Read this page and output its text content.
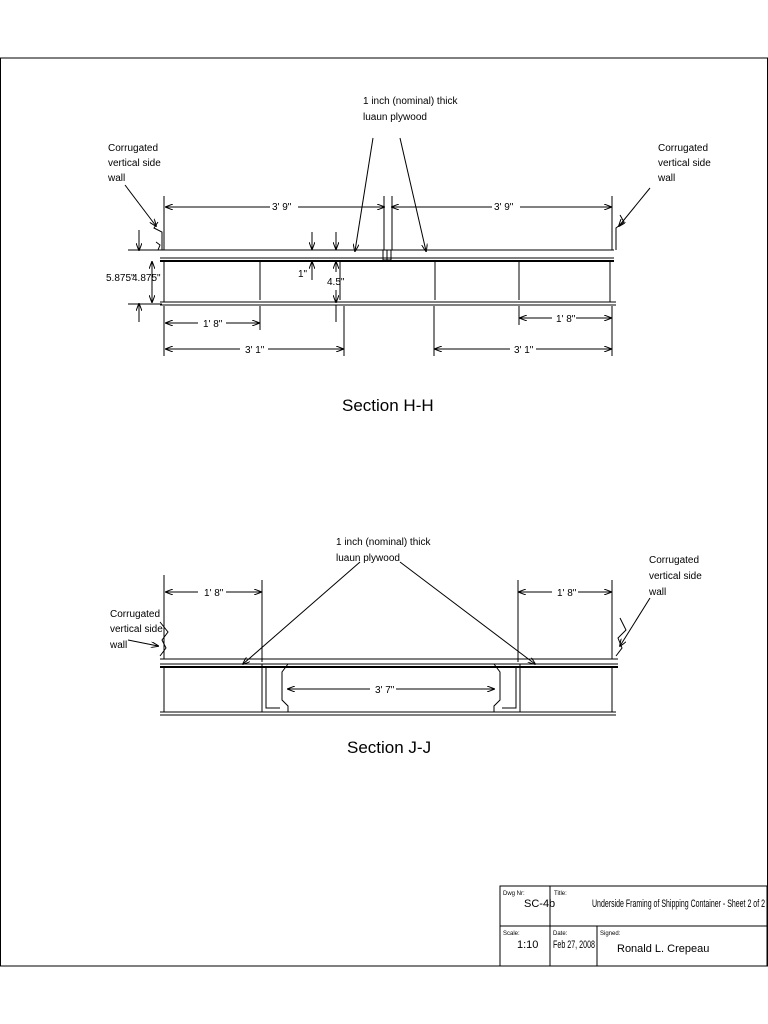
1 inch (nominal) thick
luaun plywood
Corrugated
vertical side
wall
Corrugated
vertical side
wall
3' 9"	3' 9"
5.875"
4.875"	1"
4.5"
1' 8"
3' 1"
1' 8"
3' 1"
Section H-H
1 inch (nominal) thick
luaun plywood
Corrugated
vertical side
wall
Corrugated
vertical side
wall
1' 8"	1' 8"
3' 7"
Section J-J
Dwg Nr:
SC-4b
Title:
Underside Framing of Shipping Container - Sheet 2 of 2
Scale:
1:10
Date:
Feb 27, 2008
Signed:
Ronald L. Crepeau
